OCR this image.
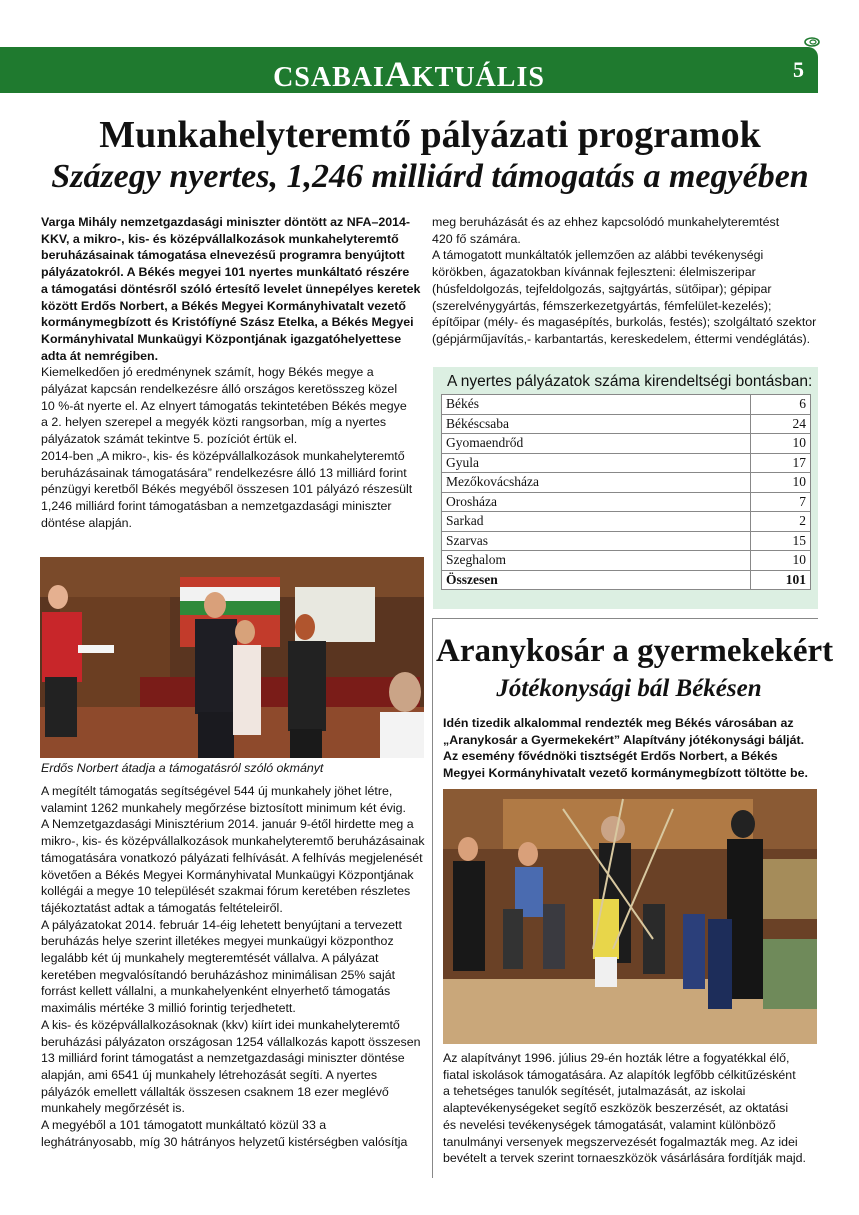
CSABAIAKTUÁLIS	5
Munkahelyteremtő pályázati programok
Százegy nyertes, 1,246 milliárd támogatás a megyében

Varga Mihály nemzetgazdasági miniszter döntött az NFA–2014-

KKV, a mikro-, kis- és középvállalkozások munkahelyteremtő

beruházásainak támogatása elnevezésű programra benyújtott

pályázatokról. A Békés megyei 101 nyertes munkáltató részére

a támogatási döntésről szóló értesítő levelet ünnepélyes keretek

között Erdős Norbert, a Békés Megyei Kormányhivatalt vezető

kormánymegbízott és Kristófíyné Szász Etelka, a Békés Megyei

Kormányhivatal Munkaügyi Központjának igazgatóhelyettese

adta át nemrégiben.

Kiemelkedően jó eredménynek számít, hogy Békés megye a

pályázat kapcsán rendelkezésre álló országos keretösszeg közel

10 %-át nyerte el. Az elnyert támogatás tekintetében Békés megye

a 2. helyen szerepel a megyék közti rangsorban, míg a nyertes

pályázatok számát tekintve 5. pozíciót értük el.

2014-ben „A mikro-, kis- és középvállalkozások munkahelyteremtő

beruházásainak támogatására” rendelkezésre álló 13 milliárd forint

pénzügyi keretből Békés megyéből összesen 101 pályázó részesült

1,246 milliárd forint támogatásban a nemzetgazdasági miniszter

döntése alapján.

Erdős Norbert átadja a támogatásról szóló okmányt

A megítélt támogatás segítségével 544 új munkahely jöhet létre,

valamint 1262 munkahely megőrzése biztosított minimum két évig.

A Nemzetgazdasági Minisztérium 2014. január 9-étől hirdette meg a

mikro-, kis- és középvállalkozások munkahelyteremtő beruházásainak

támogatására vonatkozó pályázati felhívását. A felhívás megjelenését

követően a Békés Megyei Kormányhivatal Munkaügyi Központjának

kollégái a megye 10 települését szakmai fórum keretében részletes

tájékoztatást adtak a támogatás feltételeiről.

A pályázatokat 2014. február 14-éig lehetett benyújtani a tervezett

beruházás helye szerint illetékes megyei munkaügyi központhoz

legalább két új munkahely megteremtését vállalva. A pályázat

keretében megvalósítandó beruházáshoz minimálisan 25% saját

forrást kellett vállalni, a munkahelyenként elnyerhető támogatás

maximális mértéke 3 millió forintig terjedhetett.

A kis- és középvállalkozásoknak (kkv) kiírt idei munkahelyteremtő

beruházási pályázaton országosan 1254 vállalkozás kapott összesen

13 milliárd forint támogatást a nemzetgazdasági miniszter döntése

alapján, ami 6541 új munkahely létrehozását segíti. A nyertes

pályázók emellett vállalták összesen csaknem 18 ezer meglévő

munkahely megőrzését is.

A megyéből a 101 támogatott munkáltató közül 33 a

leghátrányosabb, míg 30 hátrányos helyzetű kistérségben valósítja

meg beruházását és az ehhez kapcsolódó munkahelyteremtést

420 fő számára.

A támogatott munkáltatók jellemzően az alábbi tevékenységi

körökben, ágazatokban kívánnak fejleszteni: élelmiszeripar

(húsfeldolgozás, tejfeldolgozás, sajtgyártás, sütőipar); gépipar

(szerelvénygyártás, fémszerkezetgyártás, fémfelület-kezelés);

építőipar (mély- és magasépítés, burkolás, festés); szolgáltató szektor

(gépjárműjavítás,- karbantartás, kereskedelem, éttermi vendéglátás).

A nyertes pályázatok száma kirendeltségi bontásban:
Békés	6
Békéscsaba	24
Gyomaendrőd	10
Gyula	17
Mezőkovácsháza	10
Orosháza	7
Sarkad	2
Szarvas	15
Szeghalom	10
Összesen	101
Aranykosár a gyermekekért
Jótékonysági bál Békésen

Idén tizedik alkalommal rendezték meg Békés városában az

„Aranykosár a Gyermekekért” Alapítvány jótékonysági bálját.

Az esemény fővédnöki tisztségét Erdős Norbert, a Békés

Megyei Kormányhivatalt vezető kormánymegbízott töltötte be.

Az alapítványt 1996. július 29-én hozták létre a fogyatékkal élő,

fiatal iskolások támogatására. Az alapítók legfőbb célkitűzésként

a tehetséges tanulók segítését, jutalmazását, az iskolai

alaptevékenységeket segítő eszközök beszerzését, az oktatási

és nevelési tevékenységek támogatását, valamint különböző

tanulmányi versenyek megszervezését fogalmazták meg. Az idei

bevételt a tervek szerint tornaeszközök vásárlására fordítják majd.
